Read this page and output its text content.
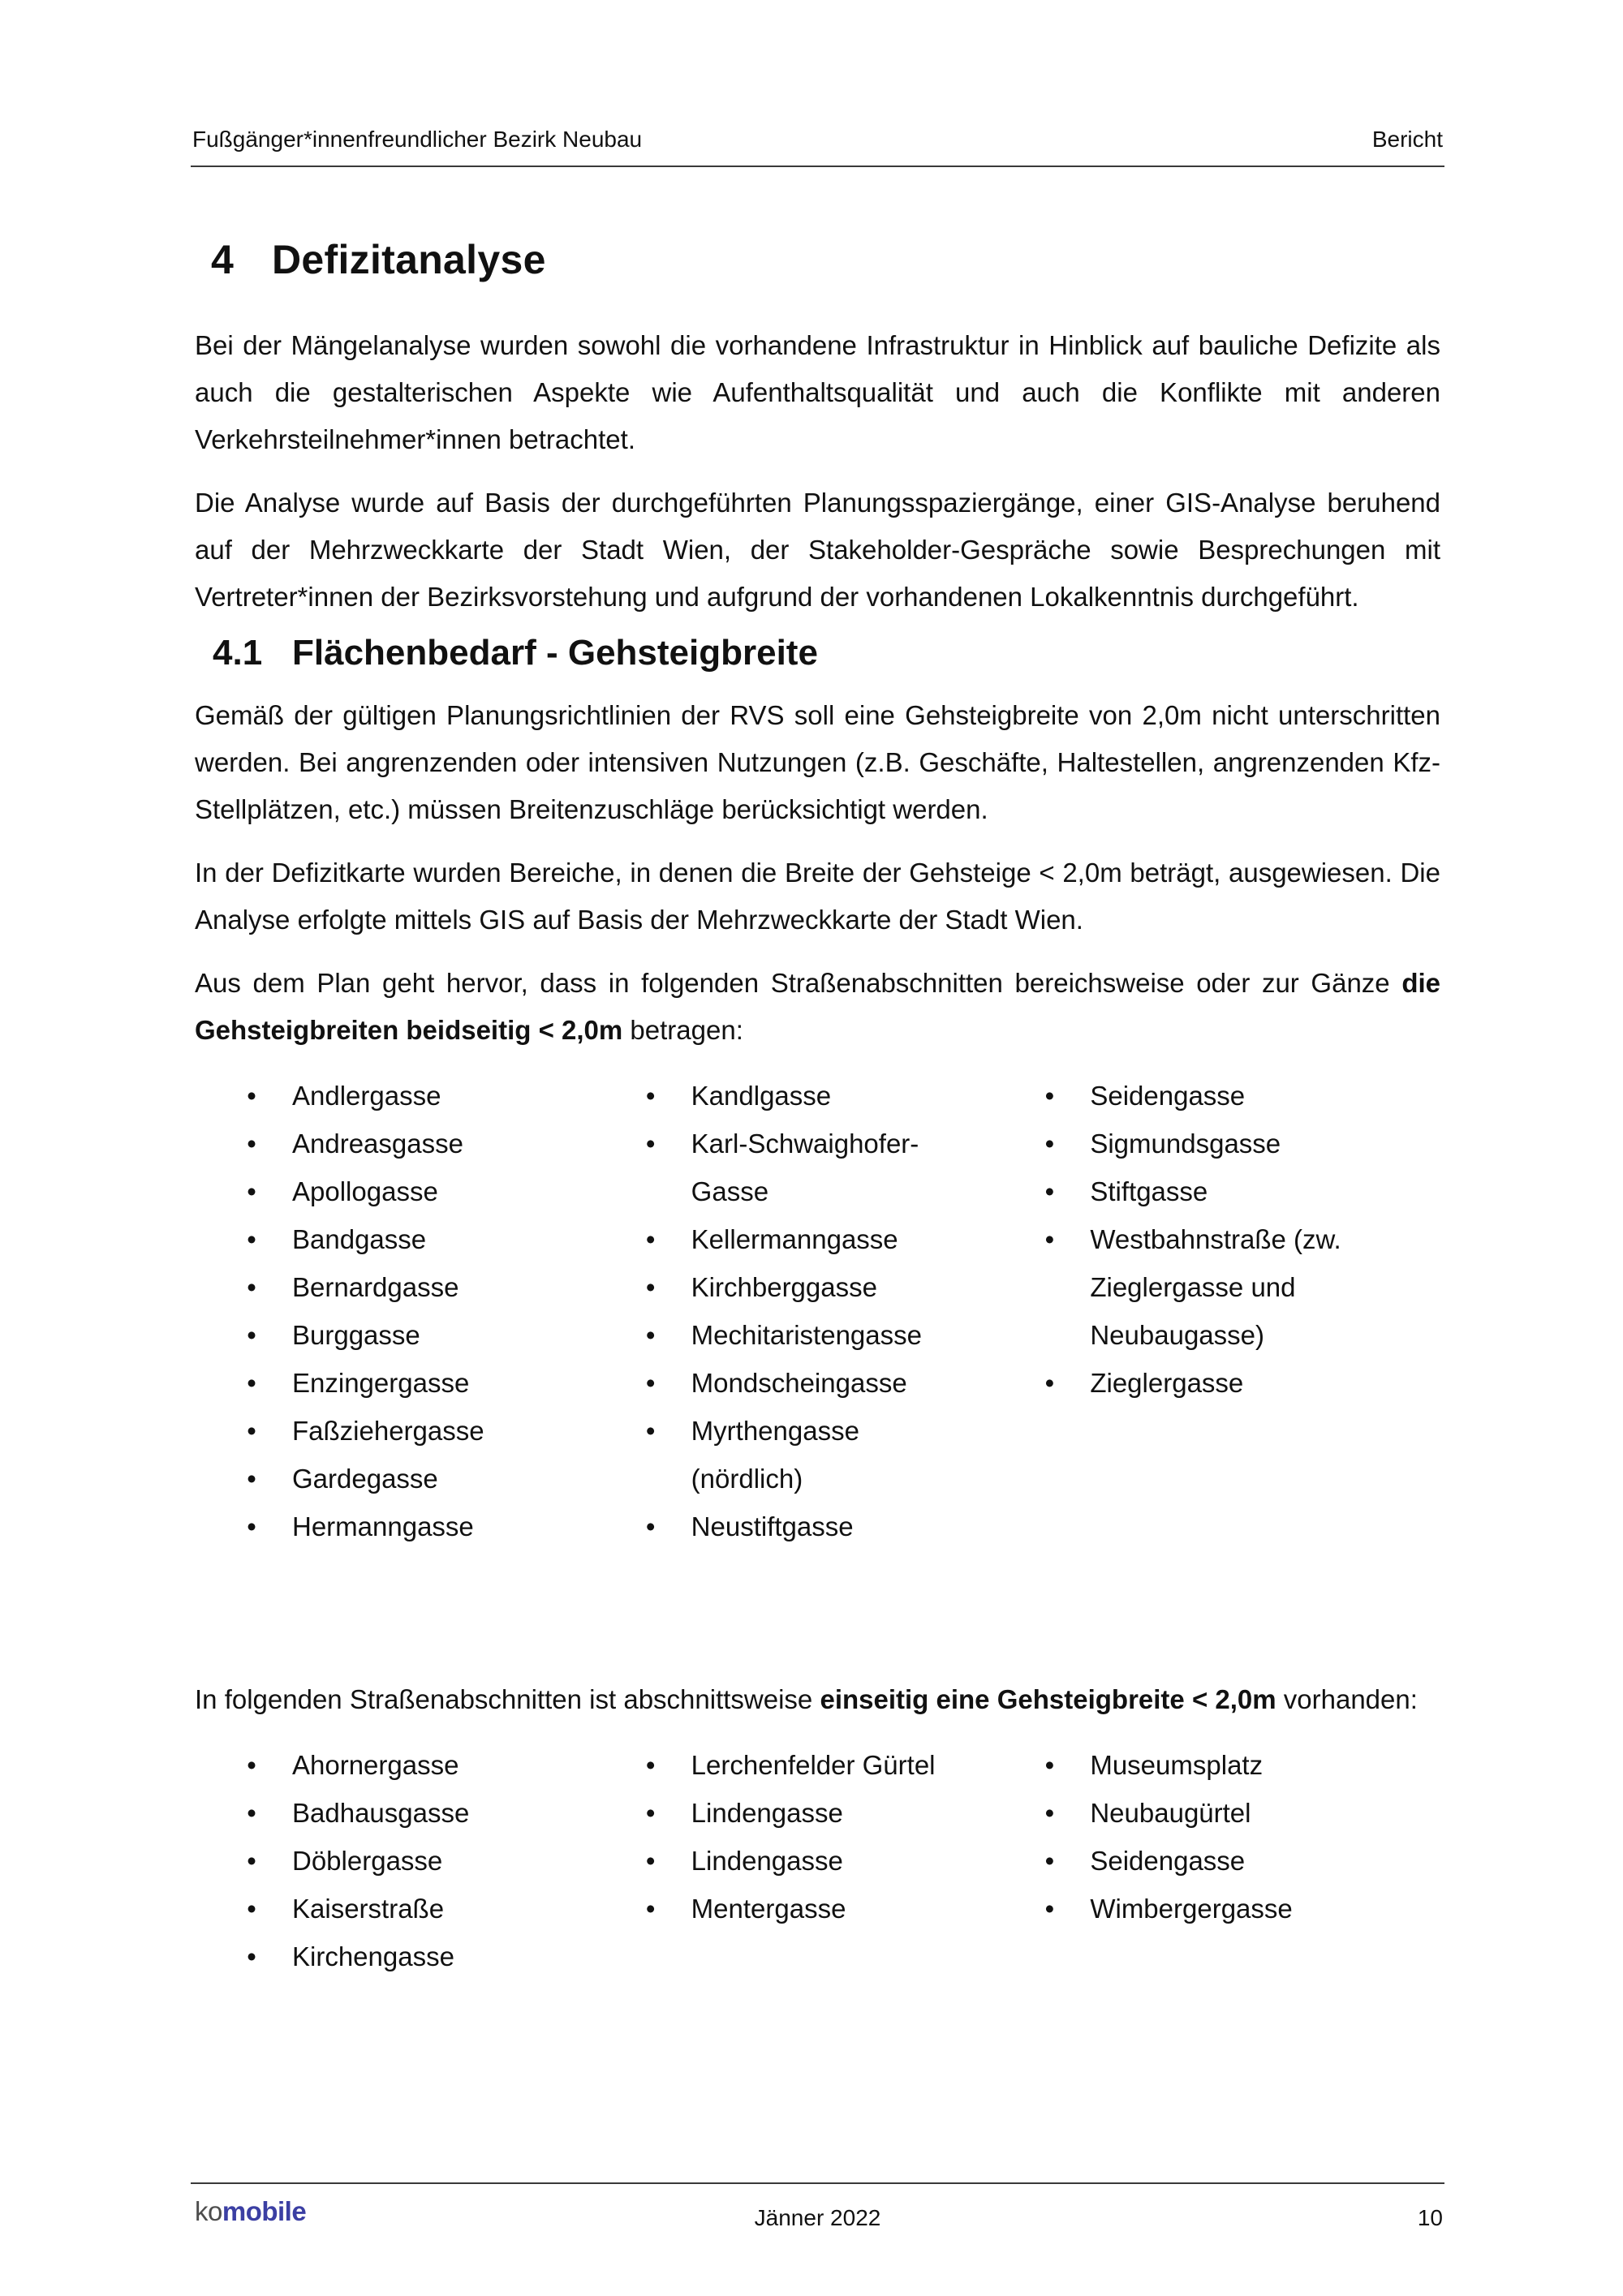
Fußgänger*innenfreundlicher Bezirk Neubau	Bericht
4 Defizitanalyse

Bei der Mängelanalyse wurden sowohl die vorhandene Infrastruktur in Hinblick auf bauliche Defizite als auch die gestalterischen Aspekte wie Aufenthaltsqualität und auch die Konflikte mit anderen Verkehrsteilnehmer*innen betrachtet.

Die Analyse wurde auf Basis der durchgeführten Planungsspaziergänge, einer GIS-Analyse beruhend auf der Mehrzweckkarte der Stadt Wien, der Stakeholder-Gespräche sowie Besprechungen mit Vertreter*innen der Bezirksvorstehung und aufgrund der vorhandenen Lokalkenntnis durchgeführt.

4.1 Flächenbedarf - Gehsteigbreite

Gemäß der gültigen Planungsrichtlinien der RVS soll eine Gehsteigbreite von 2,0m nicht unterschritten werden. Bei angrenzenden oder intensiven Nutzungen (z.B. Geschäfte, Haltestellen, angrenzenden Kfz-Stellplätzen, etc.) müssen Breitenzuschläge berücksichtigt werden.

In der Defizitkarte wurden Bereiche, in denen die Breite der Gehsteige < 2,0m beträgt, ausgewiesen. Die Analyse erfolgte mittels GIS auf Basis der Mehrzweckkarte der Stadt Wien.

Aus dem Plan geht hervor, dass in folgenden Straßenabschnitten bereichsweise oder zur Gänze die Gehsteigbreiten beidseitig < 2,0m betragen:

• Andlergasse
• Andreasgasse
• Apollogasse
• Bandgasse
• Bernardgasse
• Burggasse
• Enzingergasse
• Faßziehergasse
• Gardegasse
• Hermanngasse
• Kandlgasse
• Karl-Schwaighofer-Gasse
• Kellermanngasse
• Kirchberggasse
• Mechitaristengasse
• Mondscheingasse
• Myrthengasse (nördlich)
• Neustiftgasse
• Seidengasse
• Sigmundsgasse
• Stiftgasse
• Westbahnstraße (zw. Zieglergasse und Neubaugasse)
• Zieglergasse

In folgenden Straßenabschnitten ist abschnittsweise einseitig eine Gehsteigbreite < 2,0m vorhanden:

• Ahornergasse
• Badhausgasse
• Döblergasse
• Kaiserstraße
• Kirchengasse
• Lerchenfelder Gürtel
• Lindengasse
• Lindengasse
• Mentergasse
• Museumsplatz
• Neubaugürtel
• Seidengasse
• Wimbergergasse
komobile	Jänner 2022	10
